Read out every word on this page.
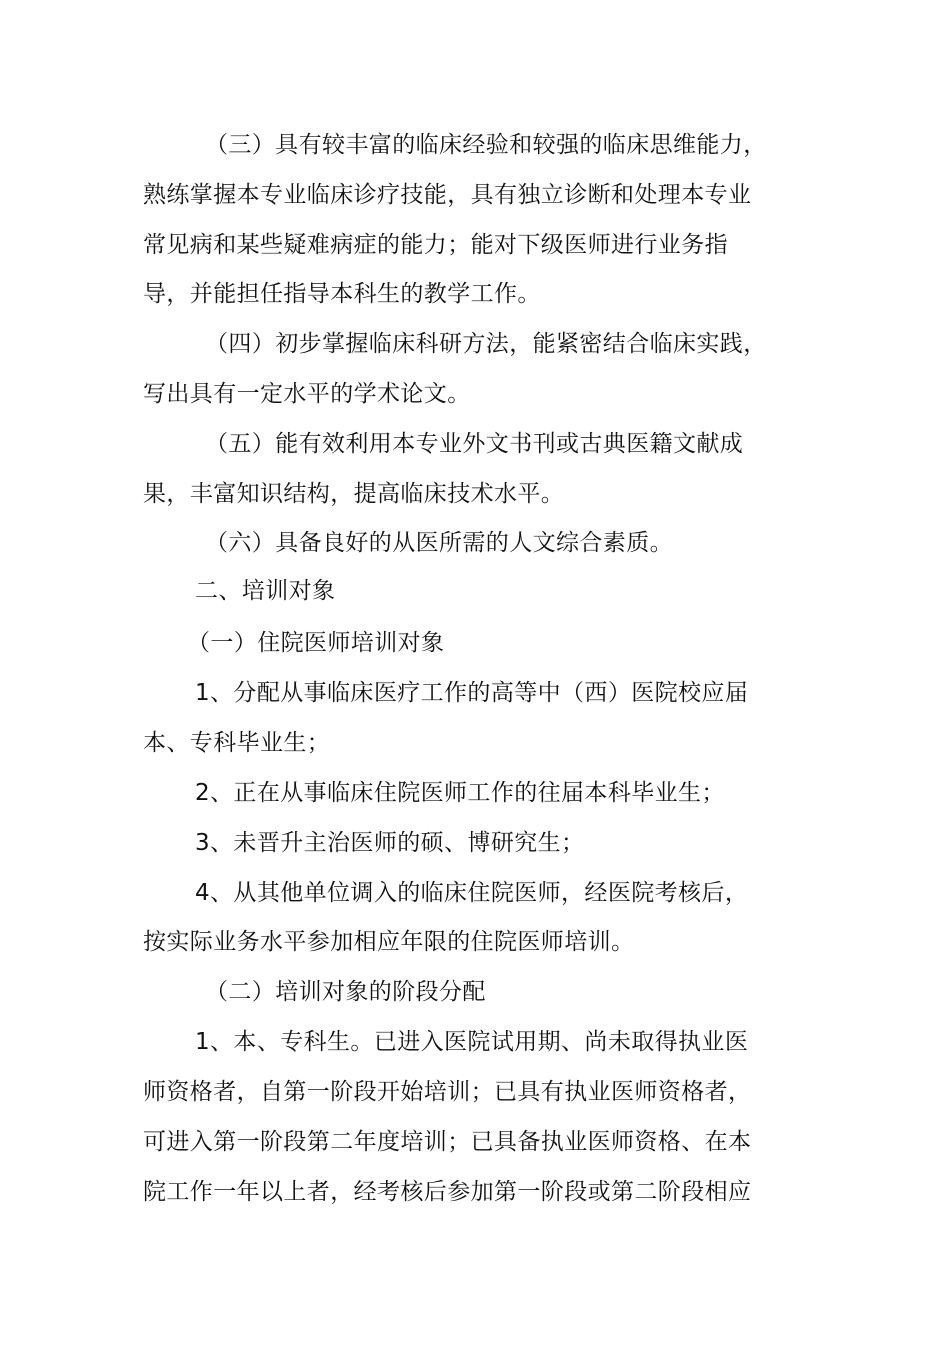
（三）具有较丰富的临床经验和较强的临床思维能力，
熟练掌握本专业临床诊疗技能，具有独立诊断和处理本专业
常见病和某些疑难病症的能力；能对下级医师进行业务指
导，并能担任指导本科生的教学工作。
（四）初步掌握临床科研方法，能紧密结合临床实践，
写出具有一定水平的学术论文。
（五）能有效利用本专业外文书刊或古典医籍文献成
果，丰富知识结构，提高临床技术水平。
（六）具备良好的从医所需的人文综合素质。
二、培训对象
（一）住院医师培训对象
1、分配从事临床医疗工作的高等中（西）医院校应届
本、专科毕业生；
2、正在从事临床住院医师工作的往届本科毕业生；
3、未晋升主治医师的硕、博研究生；
4、从其他单位调入的临床住院医师，经医院考核后，
按实际业务水平参加相应年限的住院医师培训。
（二）培训对象的阶段分配
1、本、专科生。已进入医院试用期、尚未取得执业医
师资格者，自第一阶段开始培训；已具有执业医师资格者，
可进入第一阶段第二年度培训；已具备执业医师资格、在本
院工作一年以上者，经考核后参加第一阶段或第二阶段相应
